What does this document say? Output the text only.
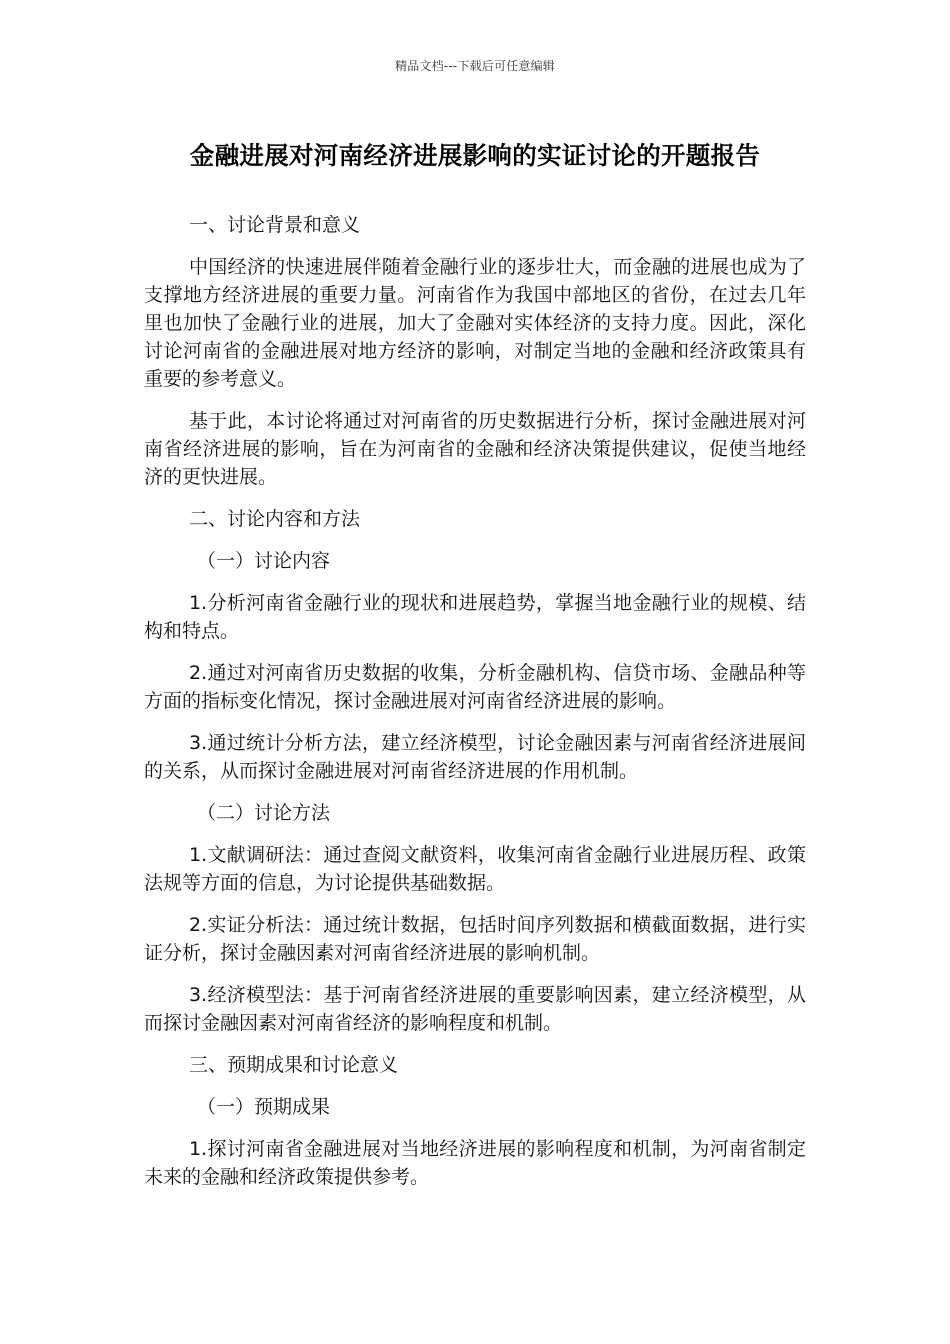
精品文档---下载后可任意编辑
金融进展对河南经济进展影响的实证讨论的开题报告

一、讨论背景和意义

中国经济的快速进展伴随着金融行业的逐步壮大，而金融的进展也成为了支撑地方经济进展的重要力量。河南省作为我国中部地区的省份，在过去几年里也加快了金融行业的进展，加大了金融对实体经济的支持力度。因此，深化讨论河南省的金融进展对地方经济的影响，对制定当地的金融和经济政策具有重要的参考意义。

基于此，本讨论将通过对河南省的历史数据进行分析，探讨金融进展对河南省经济进展的影响，旨在为河南省的金融和经济决策提供建议，促使当地经济的更快进展。

二、讨论内容和方法

（一）讨论内容

1.分析河南省金融行业的现状和进展趋势，掌握当地金融行业的规模、结构和特点。

2.通过对河南省历史数据的收集，分析金融机构、信贷市场、金融品种等方面的指标变化情况，探讨金融进展对河南省经济进展的影响。

3.通过统计分析方法，建立经济模型，讨论金融因素与河南省经济进展间的关系，从而探讨金融进展对河南省经济进展的作用机制。

（二）讨论方法

1.文献调研法：通过查阅文献资料，收集河南省金融行业进展历程、政策法规等方面的信息，为讨论提供基础数据。

2.实证分析法：通过统计数据，包括时间序列数据和横截面数据，进行实证分析，探讨金融因素对河南省经济进展的影响机制。

3.经济模型法：基于河南省经济进展的重要影响因素，建立经济模型，从而探讨金融因素对河南省经济的影响程度和机制。

三、预期成果和讨论意义

（一）预期成果

1.探讨河南省金融进展对当地经济进展的影响程度和机制，为河南省制定未来的金融和经济政策提供参考。
